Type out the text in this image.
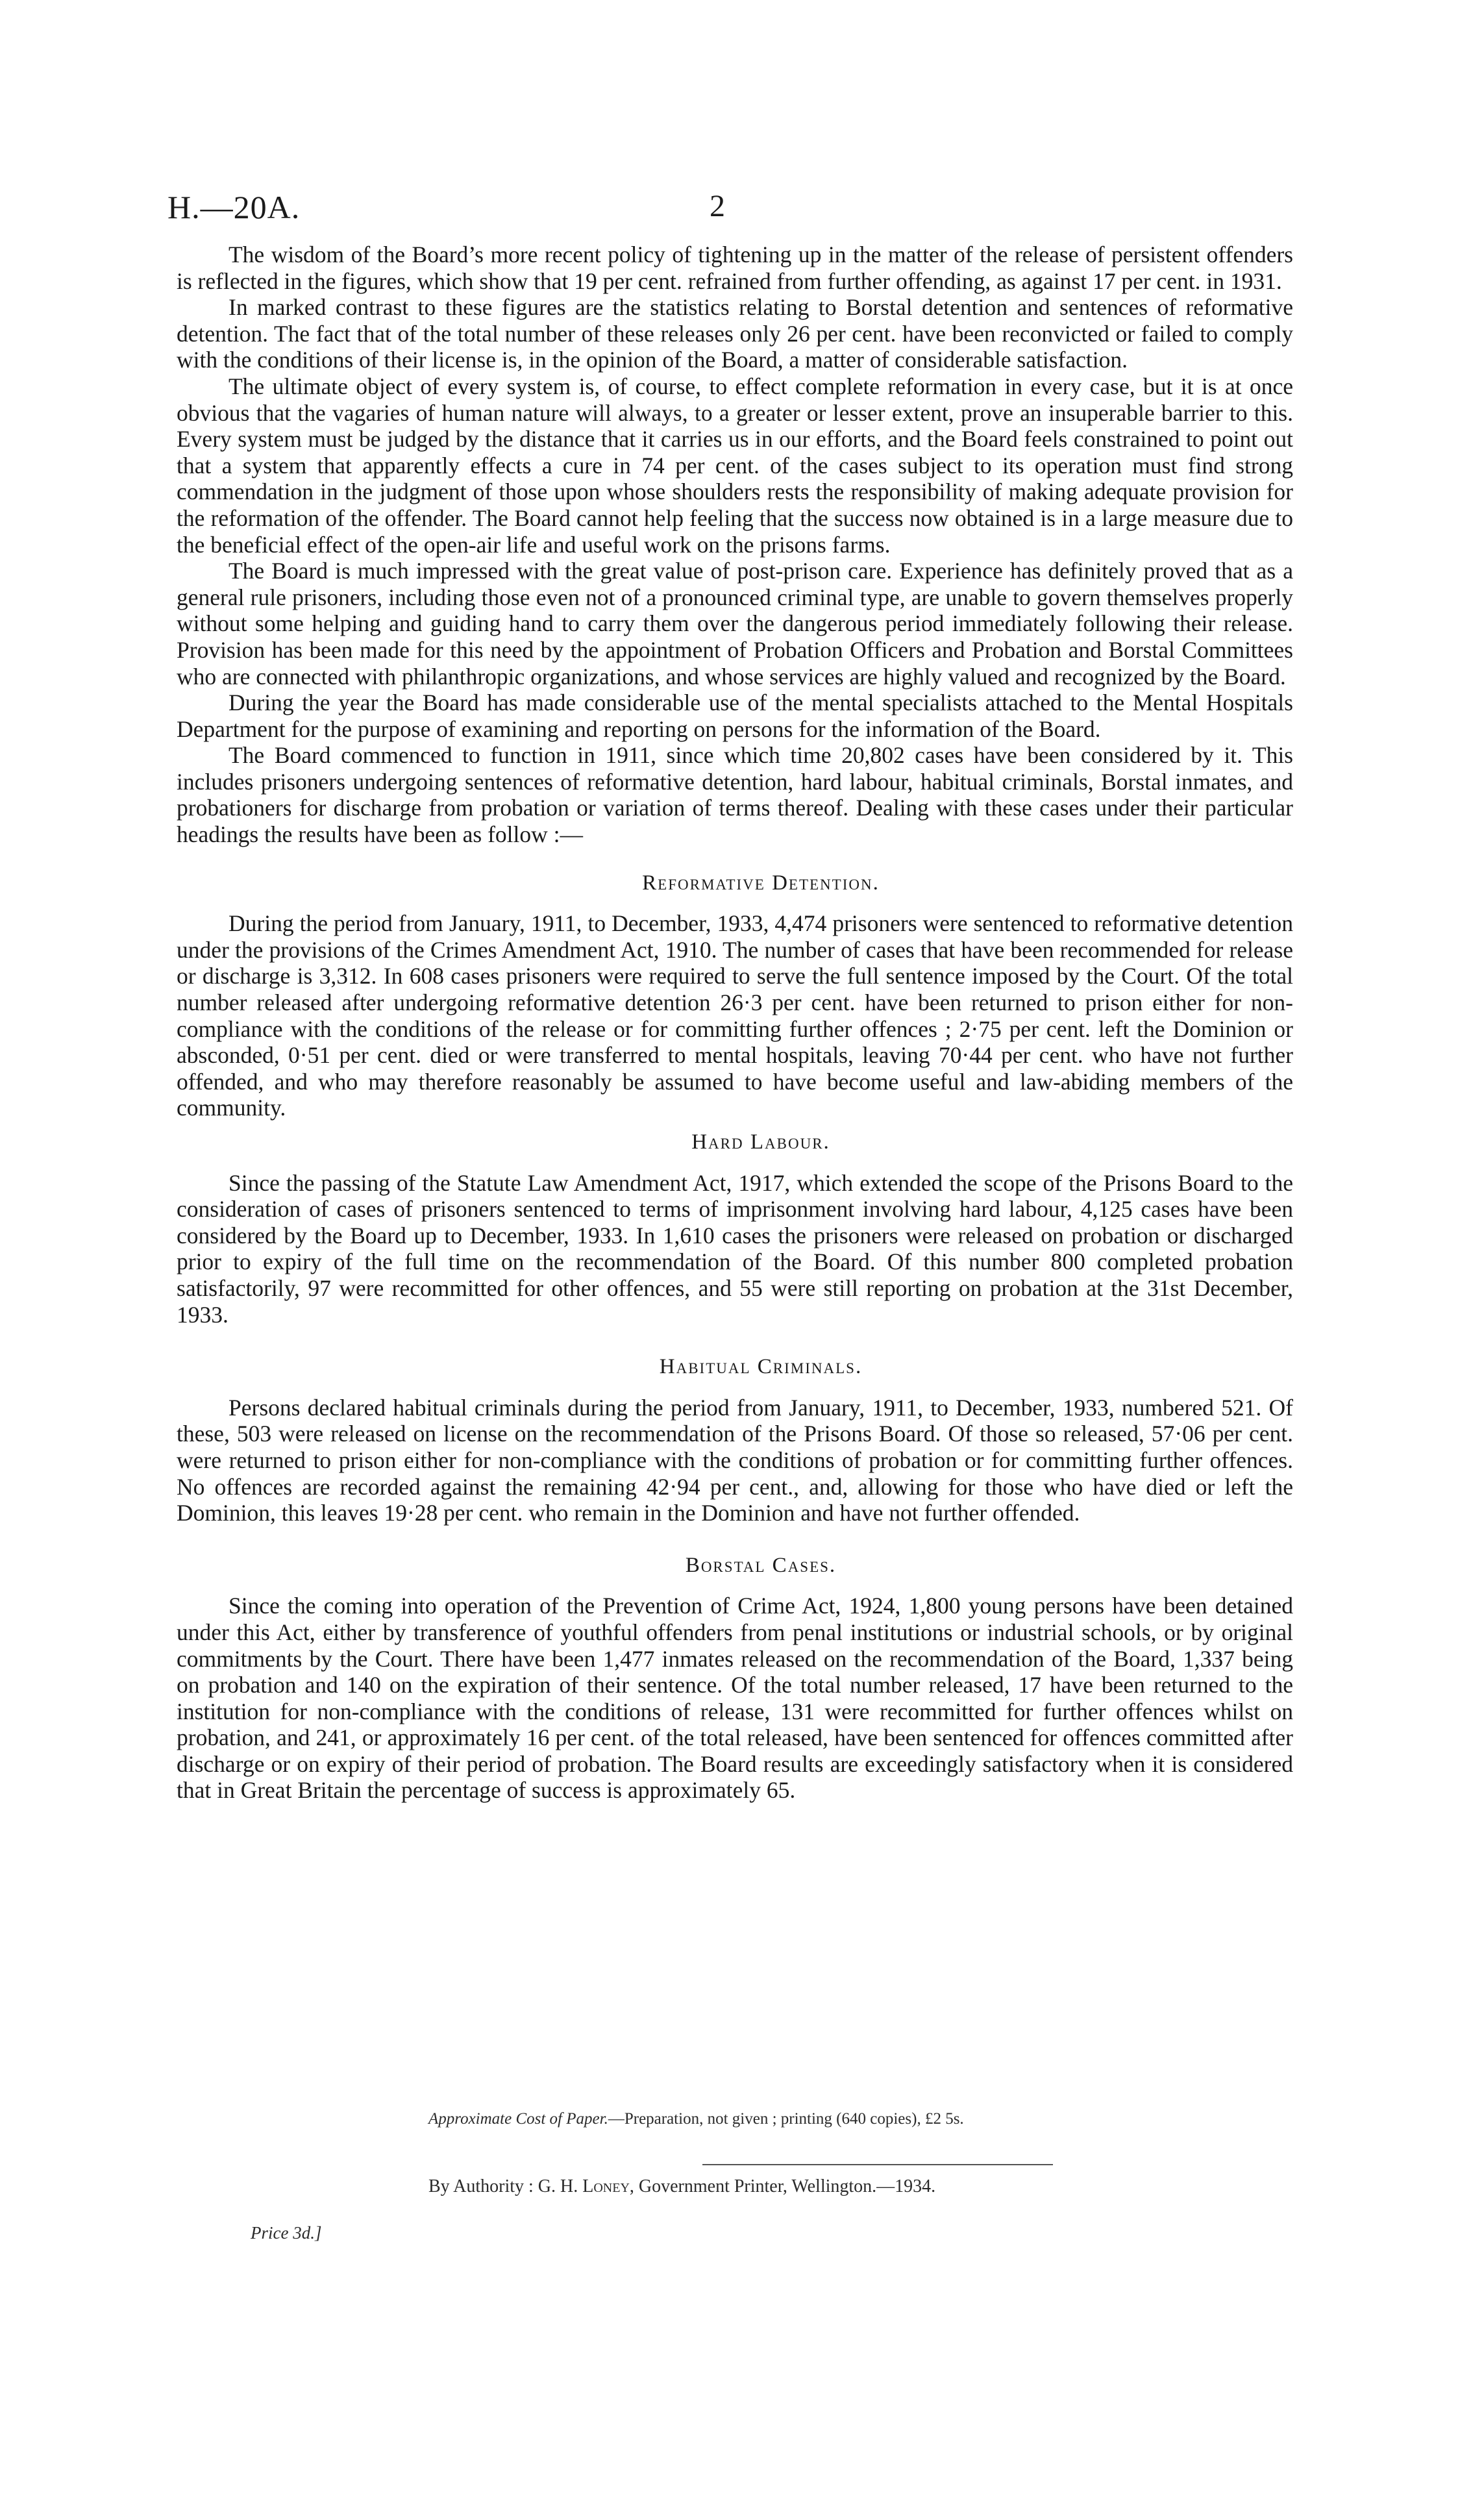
H.—20A.	2

The wisdom of the Board’s more recent policy of tightening up in the matter of the release of persistent offenders is reflected in the figures, which show that 19 per cent. refrained from further offending, as against 17 per cent. in 1931.

In marked contrast to these figures are the statistics relating to Borstal detention and sentences of reformative detention. The fact that of the total number of these releases only 26 per cent. have been reconvicted or failed to comply with the conditions of their license is, in the opinion of the Board, a matter of considerable satisfaction.

The ultimate object of every system is, of course, to effect complete reformation in every case, but it is at once obvious that the vagaries of human nature will always, to a greater or lesser extent, prove an insuperable barrier to this. Every system must be judged by the distance that it carries us in our efforts, and the Board feels constrained to point out that a system that apparently effects a cure in 74 per cent. of the cases subject to its operation must find strong commendation in the judgment of those upon whose shoulders rests the responsibility of making adequate provision for the reformation of the offender. The Board cannot help feeling that the success now obtained is in a large measure due to the beneficial effect of the open-air life and useful work on the prisons farms.

The Board is much impressed with the great value of post-prison care. Experience has definitely proved that as a general rule prisoners, including those even not of a pronounced criminal type, are unable to govern themselves properly without some helping and guiding hand to carry them over the dangerous period immediately following their release. Provision has been made for this need by the appointment of Probation Officers and Probation and Borstal Committees who are connected with philanthropic organizations, and whose services are highly valued and recognized by the Board.

During the year the Board has made considerable use of the mental specialists attached to the Mental Hospitals Department for the purpose of examining and reporting on persons for the information of the Board.

The Board commenced to function in 1911, since which time 20,802 cases have been considered by it. This includes prisoners undergoing sentences of reformative detention, hard labour, habitual criminals, Borstal inmates, and probationers for discharge from probation or variation of terms thereof. Dealing with these cases under their particular headings the results have been as follow :—

Reformative Detention.

During the period from January, 1911, to December, 1933, 4,474 prisoners were sentenced to reformative detention under the provisions of the Crimes Amendment Act, 1910. The number of cases that have been recommended for release or discharge is 3,312. In 608 cases prisoners were required to serve the full sentence imposed by the Court. Of the total number released after undergoing reformative detention 26·3 per cent. have been returned to prison either for non-compliance with the conditions of the release or for committing further offences ; 2·75 per cent. left the Dominion or absconded, 0·51 per cent. died or were transferred to mental hospitals, leaving 70·44 per cent. who have not further offended, and who may therefore reasonably be assumed to have become useful and law-abiding members of the community.

Hard Labour.

Since the passing of the Statute Law Amendment Act, 1917, which extended the scope of the Prisons Board to the consideration of cases of prisoners sentenced to terms of imprisonment involving hard labour, 4,125 cases have been considered by the Board up to December, 1933. In 1,610 cases the prisoners were released on probation or discharged prior to expiry of the full time on the recommendation of the Board. Of this number 800 completed probation satisfactorily, 97 were recommitted for other offences, and 55 were still reporting on probation at the 31st December, 1933.

Habitual Criminals.

Persons declared habitual criminals during the period from January, 1911, to December, 1933, numbered 521. Of these, 503 were released on license on the recommendation of the Prisons Board. Of those so released, 57·06 per cent. were returned to prison either for non-compliance with the conditions of probation or for committing further offences. No offences are recorded against the remaining 42·94 per cent., and, allowing for those who have died or left the Dominion, this leaves 19·28 per cent. who remain in the Dominion and have not further offended.

Borstal Cases.

Since the coming into operation of the Prevention of Crime Act, 1924, 1,800 young persons have been detained under this Act, either by transference of youthful offenders from penal institutions or industrial schools, or by original commitments by the Court. There have been 1,477 inmates released on the recommendation of the Board, 1,337 being on probation and 140 on the expiration of their sentence. Of the total number released, 17 have been returned to the institution for non-compliance with the conditions of release, 131 were recommitted for further offences whilst on probation, and 241, or approximately 16 per cent. of the total released, have been sentenced for offences committed after discharge or on expiry of their period of probation. The Board results are exceedingly satisfactory when it is considered that in Great Britain the percentage of success is approximately 65.

Approximate Cost of Paper.—Preparation, not given ; printing (640 copies), £2 5s.
By Authority : G. H. Loney, Government Printer, Wellington.—1934.
Price 3d.]
